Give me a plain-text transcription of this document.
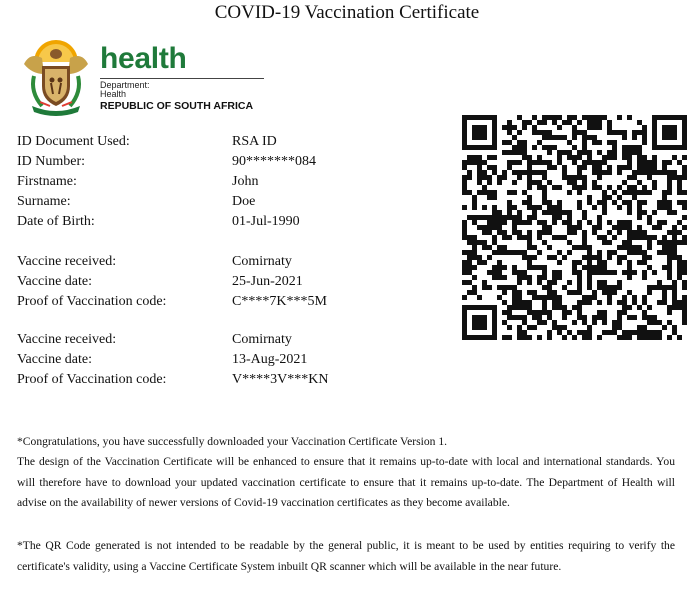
COVID-19 Vaccination Certificate
health
Department:
Health
REPUBLIC OF SOUTH AFRICA
ID Document Used:	RSA ID
ID Number:	90*******084
Firstname:	John
Surname:	Doe
Date of Birth:	01-Jul-1990
Vaccine received:	Comirnaty
Vaccine date:	25-Jun-2021
Proof of Vaccination code:	C****7K***5M
Vaccine received:	Comirnaty
Vaccine date:	13-Aug-2021
Proof of Vaccination code:	V****3V***KN
*Congratulations, you have successfully downloaded your Vaccination Certificate Version 1.
The design of the Vaccination Certificate will be enhanced to ensure that it remains up-to-date with local and international standards. You will therefore have to download your updated vaccination certificate to ensure that it remains up-to-date. The Department of Health will advise on the availability of newer versions of Covid-19 vaccination certificates as they become available.
*The QR Code generated is not intended to be readable by the general public, it is meant to be used by entities requiring to verify the certificate's validity, using a Vaccine Certificate System inbuilt QR scanner which will be available in the near future.
